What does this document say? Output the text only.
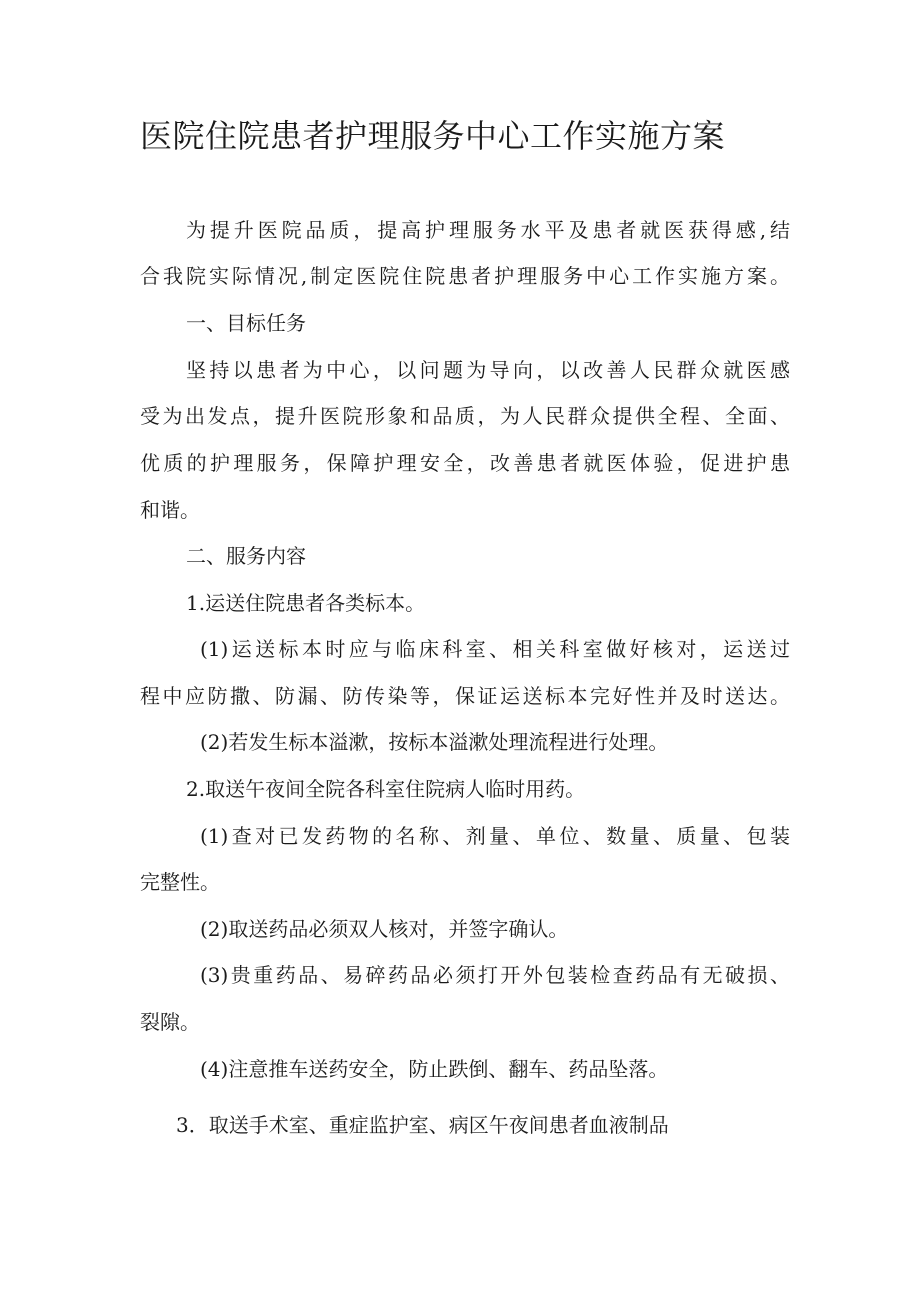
医院住院患者护理服务中心工作实施方案

为提升医院品质，提高护理服务水平及患者就医获得感,结

合我院实际情况,制定医院住院患者护理服务中心工作实施方案。

一、目标任务

坚持以患者为中心，以问题为导向，以改善人民群众就医感

受为出发点，提升医院形象和品质，为人民群众提供全程、全面、

优质的护理服务，保障护理安全，改善患者就医体验，促进护患

和谐。

二、服务内容

1.运送住院患者各类标本。

(1)运送标本时应与临床科室、相关科室做好核对，运送过

程中应防撒、防漏、防传染等，保证运送标本完好性并及时送达。

(2)若发生标本溢漱，按标本溢漱处理流程进行处理。

2.取送午夜间全院各科室住院病人临时用药。

(1)查对已发药物的名称、剂量、单位、数量、质量、包装

完整性。

(2)取送药品必须双人核对，并签字确认。

(3)贵重药品、易碎药品必须打开外包装检查药品有无破损、

裂隙。

(4)注意推车送药安全，防止跌倒、翻车、药品坠落。

3．取送手术室、重症监护室、病区午夜间患者血液制品
